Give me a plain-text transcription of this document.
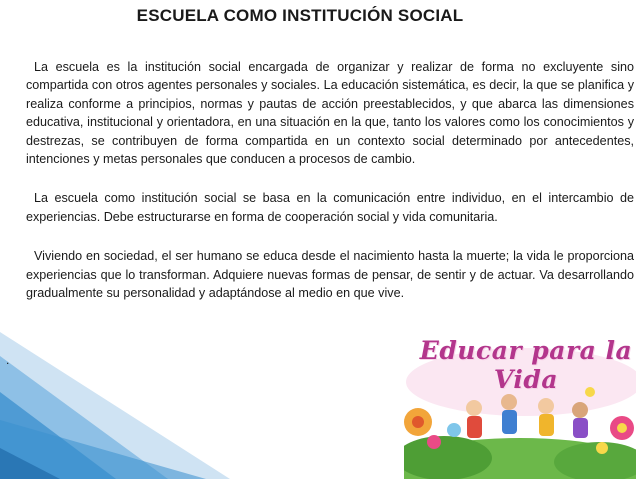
ESCUELA COMO INSTITUCIÓN SOCIAL

La escuela es la institución social encargada de organizar y realizar de forma no excluyente sino compartida con otros agentes personales y sociales. La educación sistemática, es decir, la que se planifica y realiza conforme a principios, normas y pautas de acción preestablecidos, y que abarca las dimensiones educativa, institucional y orientadora, en una situación en la que, tanto los valores como los conocimientos y destrezas, se contribuyen de forma compartida en un contexto social determinado por antecedentes, intenciones y metas personales que conducen a procesos de cambio.

La escuela como institución social se basa en la comunicación entre individuo, en el intercambio de experiencias. Debe estructurarse en forma de cooperación social y vida comunitaria.

Viviendo en sociedad, el ser humano se educa desde el nacimiento hasta la muerte; la vida le proporciona experiencias que lo transforman. Adquiere nuevas formas de pensar, de sentir y de actuar. Va desarrollando gradualmente su personalidad y adaptándose al medio en que vive.

.	Educar para la Vida
